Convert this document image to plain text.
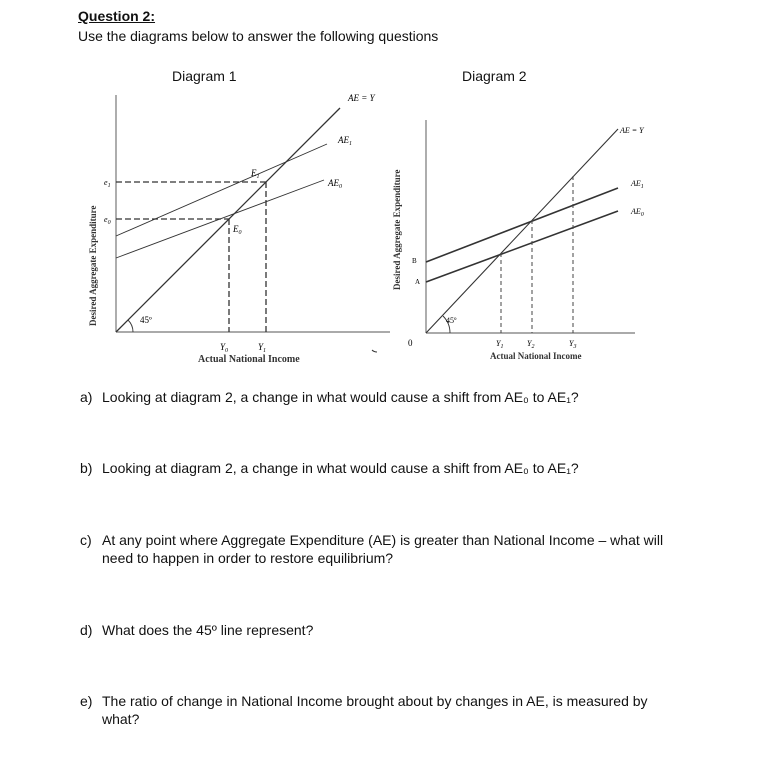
Question 2:
Use the diagrams below to answer the following questions
Diagram 1	Diagram 2
Desired Aggregate Expenditure	45º
$e_0$
$e_1$
$Y_0$	$Y_1$
Actual National Income
$E_1$
$E_0$
AE = Y
$AE_1$
$AE_0$	Desired Aggregate Expenditure
45º
B
A
0	$Y_1$	$Y_2$	$Y_3$
Actual National Income
AE = Y
$AE_1$
$AE_0$
a) Looking at diagram 2, a change in what would cause a shift from AE₀ to AE₁?
b) Looking at diagram 2, a change in what would cause a shift from AE₀ to AE₁?
c) At any point where Aggregate Expenditure (AE) is greater than National Income – what will need to happen in order to restore equilibrium?
d) What does the 45º line represent?
e) The ratio of change in National Income brought about by changes in AE, is measured by what?
